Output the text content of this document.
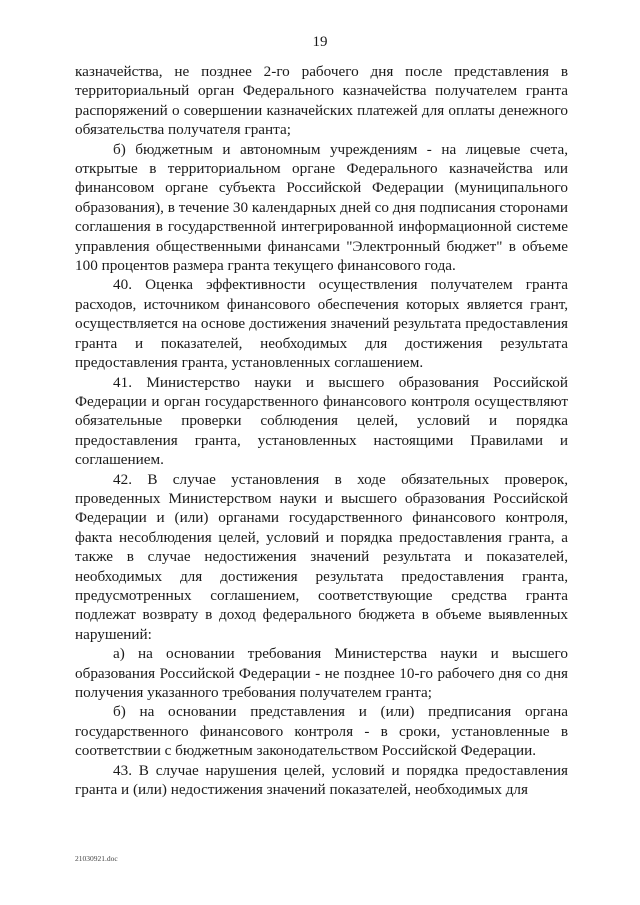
19

казначейства, не позднее 2-го рабочего дня после представления в территориальный орган Федерального казначейства получателем гранта распоряжений о совершении казначейских платежей для оплаты денежного обязательства получателя гранта;

б) бюджетным и автономным учреждениям - на лицевые счета, открытые в территориальном органе Федерального казначейства или финансовом органе субъекта Российской Федерации (муниципального образования), в течение 30 календарных дней со дня подписания сторонами соглашения в государственной интегрированной информационной системе управления общественными финансами "Электронный бюджет" в объеме 100 процентов размера гранта текущего финансового года.

40. Оценка эффективности осуществления получателем гранта расходов, источником финансового обеспечения которых является грант, осуществляется на основе достижения значений результата предоставления гранта и показателей, необходимых для достижения результата предоставления гранта, установленных соглашением.

41. Министерство науки и высшего образования Российской Федерации и орган государственного финансового контроля осуществляют обязательные проверки соблюдения целей, условий и порядка предоставления гранта, установленных настоящими Правилами и соглашением.

42. В случае установления в ходе обязательных проверок, проведенных Министерством науки и высшего образования Российской Федерации и (или) органами государственного финансового контроля, факта несоблюдения целей, условий и порядка предоставления гранта, а также в случае недостижения значений результата и показателей, необходимых для достижения результата предоставления гранта, предусмотренных соглашением, соответствующие средства гранта подлежат возврату в доход федерального бюджета в объеме выявленных нарушений:

а) на основании требования Министерства науки и высшего образования Российской Федерации - не позднее 10-го рабочего дня со дня получения указанного требования получателем гранта;

б) на основании представления и (или) предписания органа государственного финансового контроля - в сроки, установленные в соответствии с бюджетным законодательством Российской Федерации.

43. В случае нарушения целей, условий и порядка предоставления гранта и (или) недостижения значений показателей, необходимых для

21030921.doc
